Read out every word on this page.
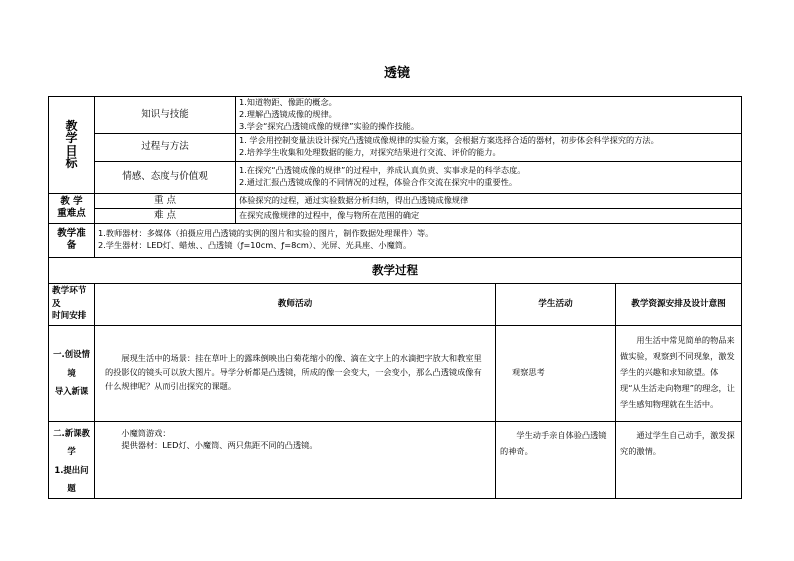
透镜
教学目标	知识与技能	1.知道物距、像距的概念。
2.理解凸透镜成像的规律。
3.学会“探究凸透镜成像的规律”实验的操作技能。		

	过程与方法	1. 学会用控制变量法设计探究凸透镜成像规律的实验方案，会根据方案选择合适的器材，初步体会科学探究的方法。
2.培养学生收集和处理数据的能力，对探究结果进行交流、评价的能力。		

	情感、态度与价值观	1.在探究“凸透镜成像的规律”的过程中，养成认真负责、实事求是的科学态度。
2.通过汇报凸透镜成像的不同情况的过程，体验合作交流在探究中的重要性。		

教 学
重难点	重 点	体验探究的过程，通过实验数据分析归纳，得出凸透镜成像规律		
	难 点	在探究成像规律的过程中，像与物所在范围的确定		

教学准
备	1.教师器材：多媒体（拍摄应用凸透镜的实例的图片和实验的图片，制作数据处理课件）等。
2.学生器材：LED灯、蜡烛、、凸透镜（ƒ=10cm、ƒ=8cm）、光屏、光具座、小魔筒。			

教学过程				

教学环节及
时间安排	教师活动		学生活动	教学资源安排及设计意图

一.创设情境
导入新课	展现生活中的场景：挂在草叶上的露珠倒映出白菊花缩小的像、滴在文字上的水滴把字放大和教室里的投影仪的镜头可以放大图片。导学分析都是凸透镜，所成的像一会变大，一会变小，那么凸透镜成像有什么规律呢？从而引出探究的课题。		观察思考	用生活中常见简单的物品来做实验，观察到不同现象，激发学生的兴趣和求知欲望。体现“从生活走向物理”的理念，让学生感知物理就在生活中。

二.新课教学
1.提出问题	小魔筒游戏：
提供器材：LED灯、小魔筒、两只焦距不同的凸透镜。		学生动手亲自体验凸透镜的神奇。	通过学生自己动手，激发探究的激情。
